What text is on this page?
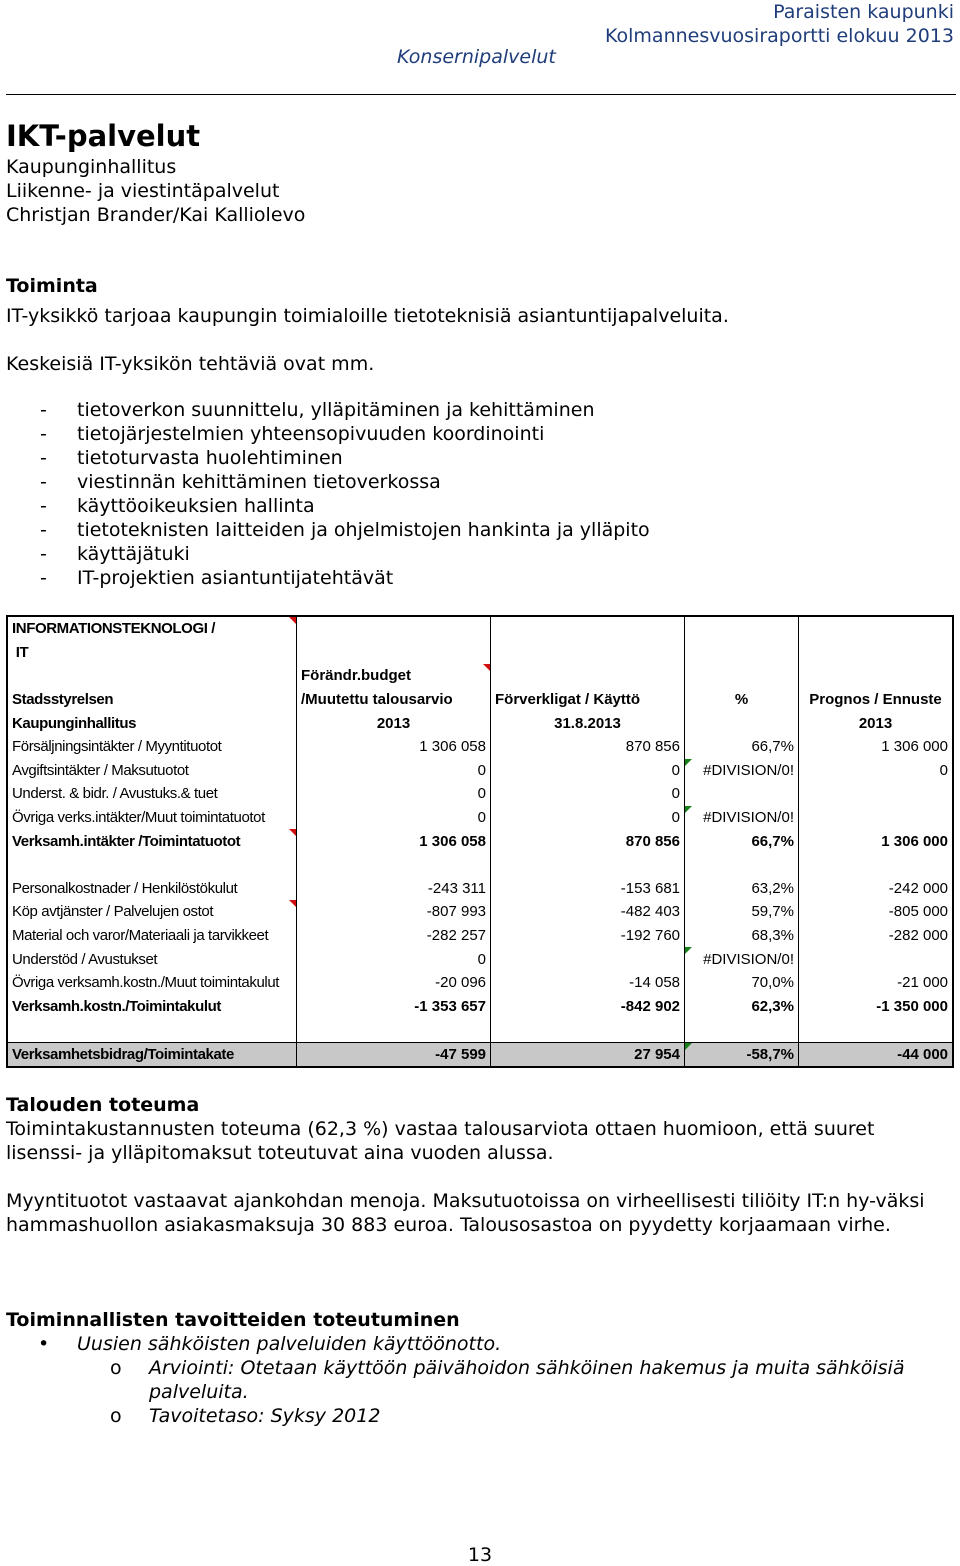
Paraisten kaupunki
Kolmannesvuosiraportti elokuu 2013
Konsernipalvelut
IKT-palvelut
Kaupunginhallitus
Liikenne- ja viestintäpalvelut
Christjan Brander/Kai Kalliolevo
Toiminta
IT-yksikkö tarjoaa kaupungin toimialoille tietoteknisiä asiantuntijapalveluita.
Keskeisiä IT-yksikön tehtäviä ovat mm.
-	tietoverkon suunnittelu, ylläpitäminen ja kehittäminen
-	tietojärjestelmien yhteensopivuuden koordinointi
-	tietoturvasta huolehtiminen
-	viestinnän kehittäminen tietoverkossa
-	käyttöoikeuksien hallinta
-	tietoteknisten laitteiden ja ohjelmistojen hankinta ja ylläpito
-	käyttäjätuki
-	IT-projektien asiantuntijatehtävät
INFORMATIONSTEKNOLOGI /				
IT				
	Förändr.budget			
Stadsstyrelsen	/Muutettu talousarvio	Förverkligat / Käyttö	%	Prognos / Ennuste
Kaupunginhallitus	2013	31.8.2013		2013
Försäljningsintäkter / Myyntituotot	1 306 058	870 856	66,7%	1 306 000
Avgiftsintäkter / Maksutuotot	0	0	#DIVISION/0!	0
Underst. & bidr. / Avustuks.& tuet	0	0		
Övriga verks.intäkter/Muut toimintatuotot	0	0	#DIVISION/0!	
Verksamh.intäkter /Toimintatuotot	1 306 058	870 856	66,7%	1 306 000

Personalkostnader / Henkilöstökulut	-243 311	-153 681	63,2%	-242 000
Köp avtjänster / Palvelujen ostot	-807 993	-482 403	59,7%	-805 000
Material och varor/Materiaali ja tarvikkeet	-282 257	-192 760	68,3%	-282 000
Understöd / Avustukset	0		#DIVISION/0!	
Övriga verksamh.kostn./Muut toimintakulut	-20 096	-14 058	70,0%	-21 000
Verksamh.kostn./Toimintakulut	-1 353 657	-842 902	62,3%	-1 350 000

Verksamhetsbidrag/Toimintakate	-47 599	27 954	-58,7%	-44 000
Talouden toteuma
Toimintakustannusten toteuma (62,3 %) vastaa talousarviota ottaen huomioon, että suuret lisenssi- ja ylläpitomaksut toteutuvat aina vuoden alussa.
Myyntituotot vastaavat ajankohdan menoja. Maksutuotoissa on virheellisesti tiliöity IT:n hy-väksi hammashuollon asiakasmaksuja 30 883 euroa. Talousosastoa on pyydetty korjaamaan virhe.
Toiminnallisten tavoitteiden toteutuminen
•	Uusien sähköisten palveluiden käyttöönotto.
o	Arviointi: Otetaan käyttöön päivähoidon sähköinen hakemus ja muita sähköisiä palveluita.
o	Tavoitetaso: Syksy 2012
13
